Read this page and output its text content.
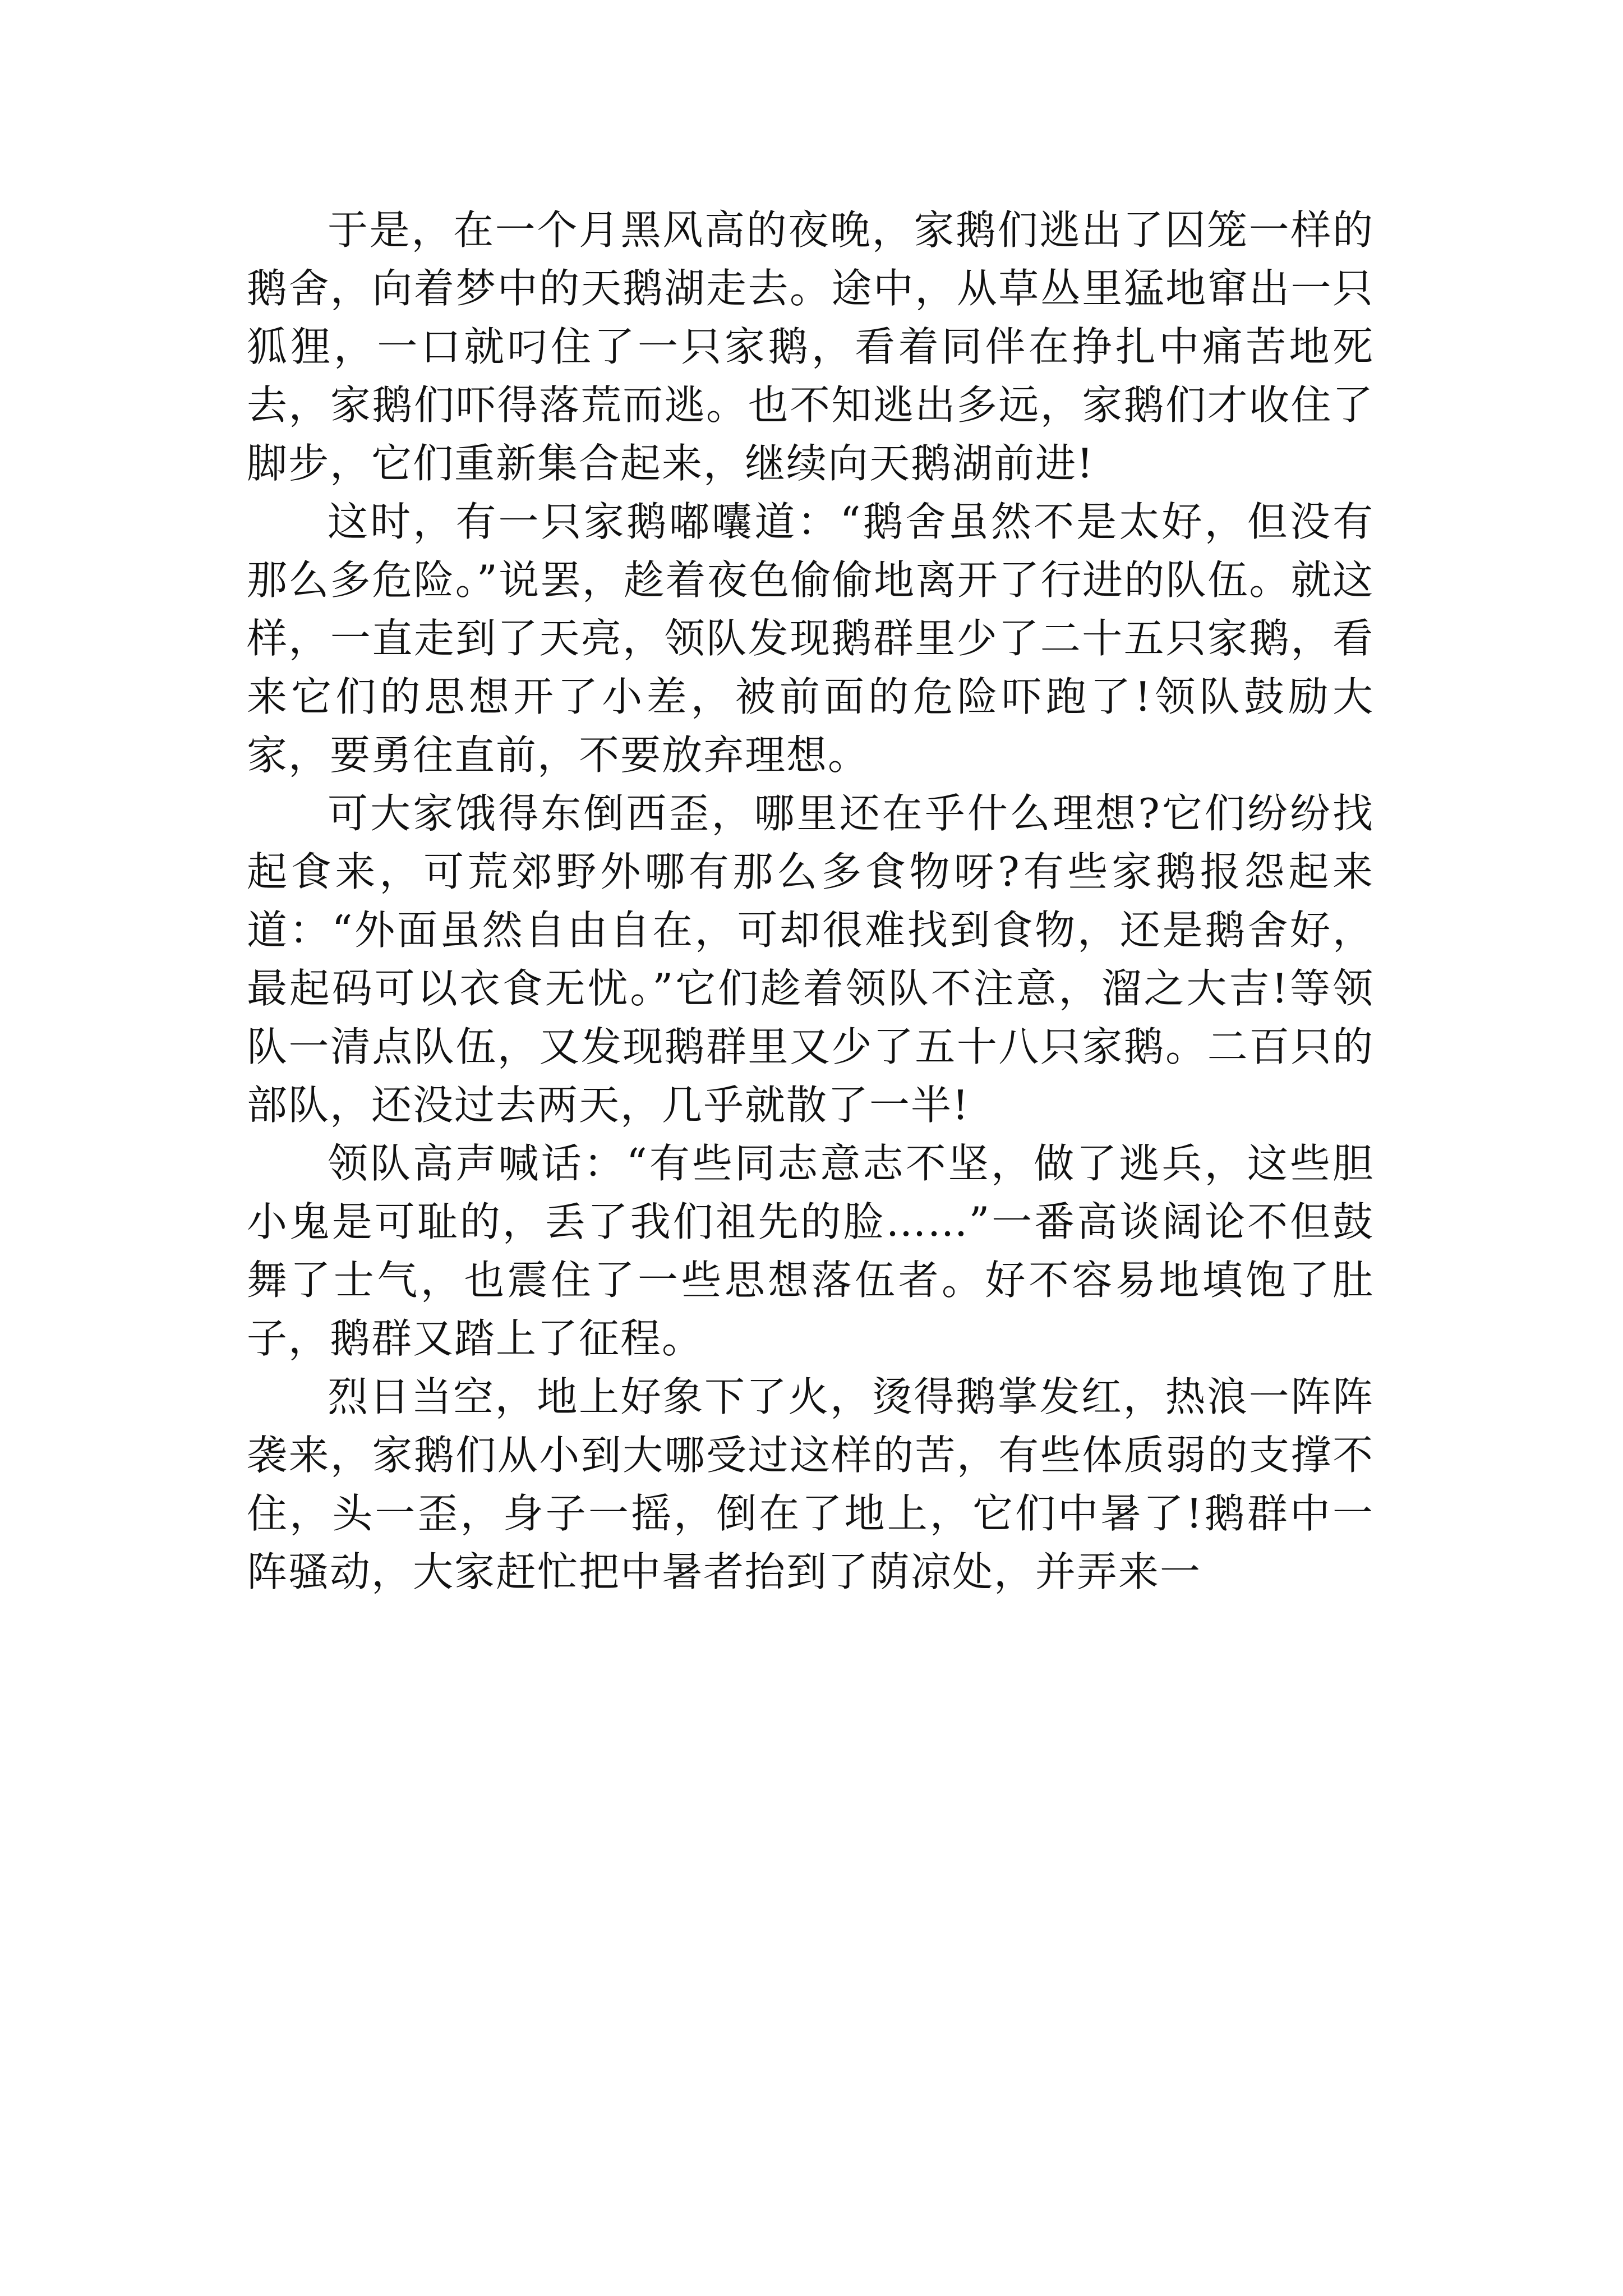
于是，在一个月黑风高的夜晚，家鹅们逃出了囚笼一样的鹅舍，向着梦中的天鹅湖走去。途中，从草丛里猛地窜出一只狐狸，一口就叼住了一只家鹅，看着同伴在挣扎中痛苦地死去，家鹅们吓得落荒而逃。也不知逃出多远，家鹅们才收住了脚步，它们重新集合起来，继续向天鹅湖前进!

这时，有一只家鹅嘟囔道：“鹅舍虽然不是太好，但没有那么多危险。”说罢，趁着夜色偷偷地离开了行进的队伍。就这样，一直走到了天亮，领队发现鹅群里少了二十五只家鹅，看来它们的思想开了小差，被前面的危险吓跑了!领队鼓励大家，要勇往直前，不要放弃理想。

可大家饿得东倒西歪，哪里还在乎什么理想?它们纷纷找起食来，可荒郊野外哪有那么多食物呀?有些家鹅报怨起来道：“外面虽然自由自在，可却很难找到食物，还是鹅舍好，最起码可以衣食无忧。”它们趁着领队不注意，溜之大吉!等领队一清点队伍，又发现鹅群里又少了五十八只家鹅。二百只的部队，还没过去两天，几乎就散了一半!

领队高声喊话：“有些同志意志不坚，做了逃兵，这些胆小鬼是可耻的，丢了我们祖先的脸……”一番高谈阔论不但鼓舞了士气，也震住了一些思想落伍者。好不容易地填饱了肚子，鹅群又踏上了征程。

烈日当空，地上好象下了火，烫得鹅掌发红，热浪一阵阵袭来，家鹅们从小到大哪受过这样的苦，有些体质弱的支撑不住，头一歪，身子一摇，倒在了地上，它们中暑了!鹅群中一阵骚动，大家赶忙把中暑者抬到了荫凉处，并弄来一
